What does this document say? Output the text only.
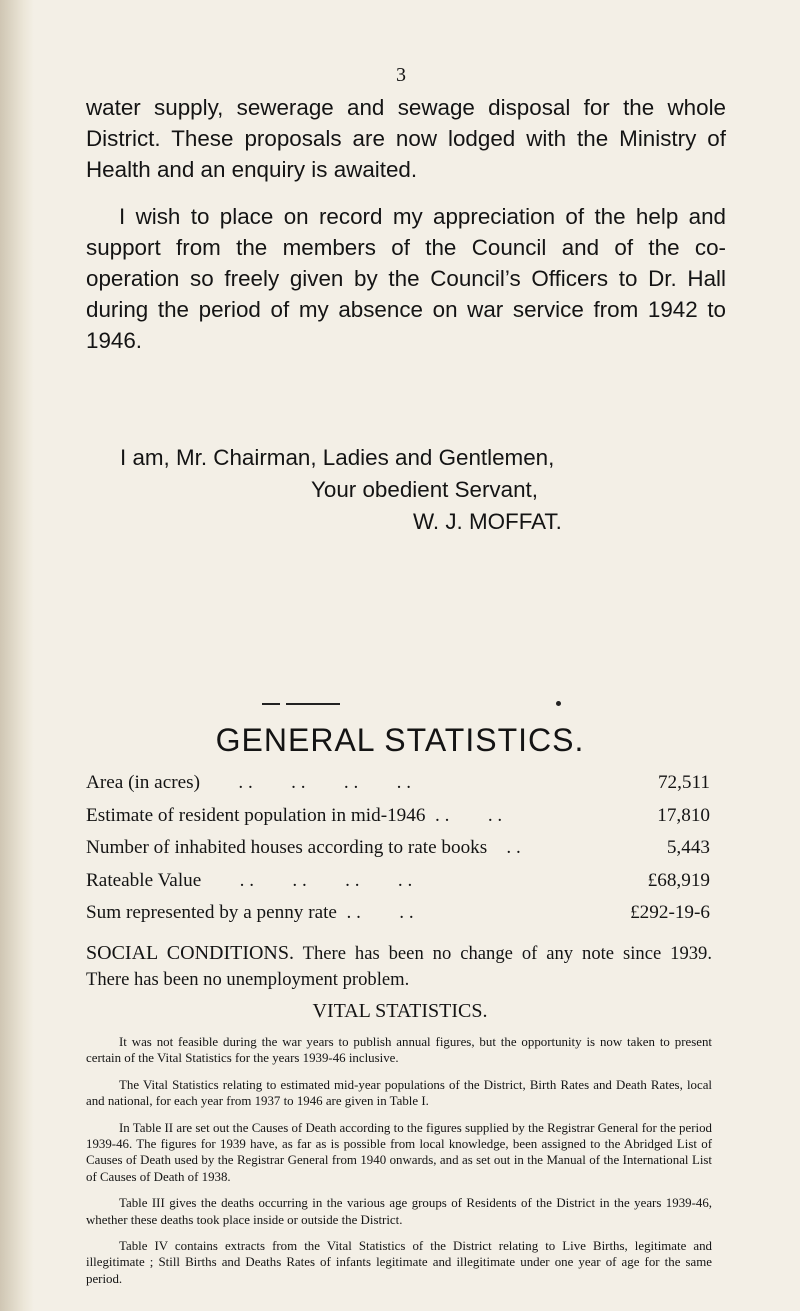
3

water supply, sewerage and sewage disposal for the whole District. These proposals are now lodged with the Ministry of Health and an enquiry is awaited.

I wish to place on record my appreciation of the help and support from the members of the Council and of the co-operation so freely given by the Council’s Officers to Dr. Hall during the period of my absence on war service from 1942 to 1946.

I am, Mr. Chairman, Ladies and Gentlemen,
Your obedient Servant,
W. J. MOFFAT.
GENERAL STATISTICS.
Area (in acres)        . .        . .        . .        . .	72,511
Estimate of resident population in mid-1946  . .        . .	17,810
Number of inhabited houses according to rate books    . .	5,443
Rateable Value        . .        . .        . .        . .	£68,919
Sum represented by a penny rate  . .        . .	£292-19-6

SOCIAL CONDITIONS. There has been no change of any note since 1939. There has been no unemployment problem.

VITAL STATISTICS.

It was not feasible during the war years to publish annual figures, but the opportunity is now taken to present certain of the Vital Statistics for the years 1939-46 inclusive.

The Vital Statistics relating to estimated mid-year populations of the District, Birth Rates and Death Rates, local and national, for each year from 1937 to 1946 are given in Table I.

In Table II are set out the Causes of Death according to the figures supplied by the Registrar General for the period 1939-46. The figures for 1939 have, as far as is possible from local knowledge, been assigned to the Abridged List of Causes of Death used by the Registrar General from 1940 onwards, and as set out in the Manual of the International List of Causes of Death of 1938.

Table III gives the deaths occurring in the various age groups of Residents of the District in the years 1939-46, whether these deaths took place inside or outside the District.

Table IV contains extracts from the Vital Statistics of the District relating to Live Births, legitimate and illegitimate ; Still Births and Deaths Rates of infants legitimate and illegitimate under one year of age for the same period.
